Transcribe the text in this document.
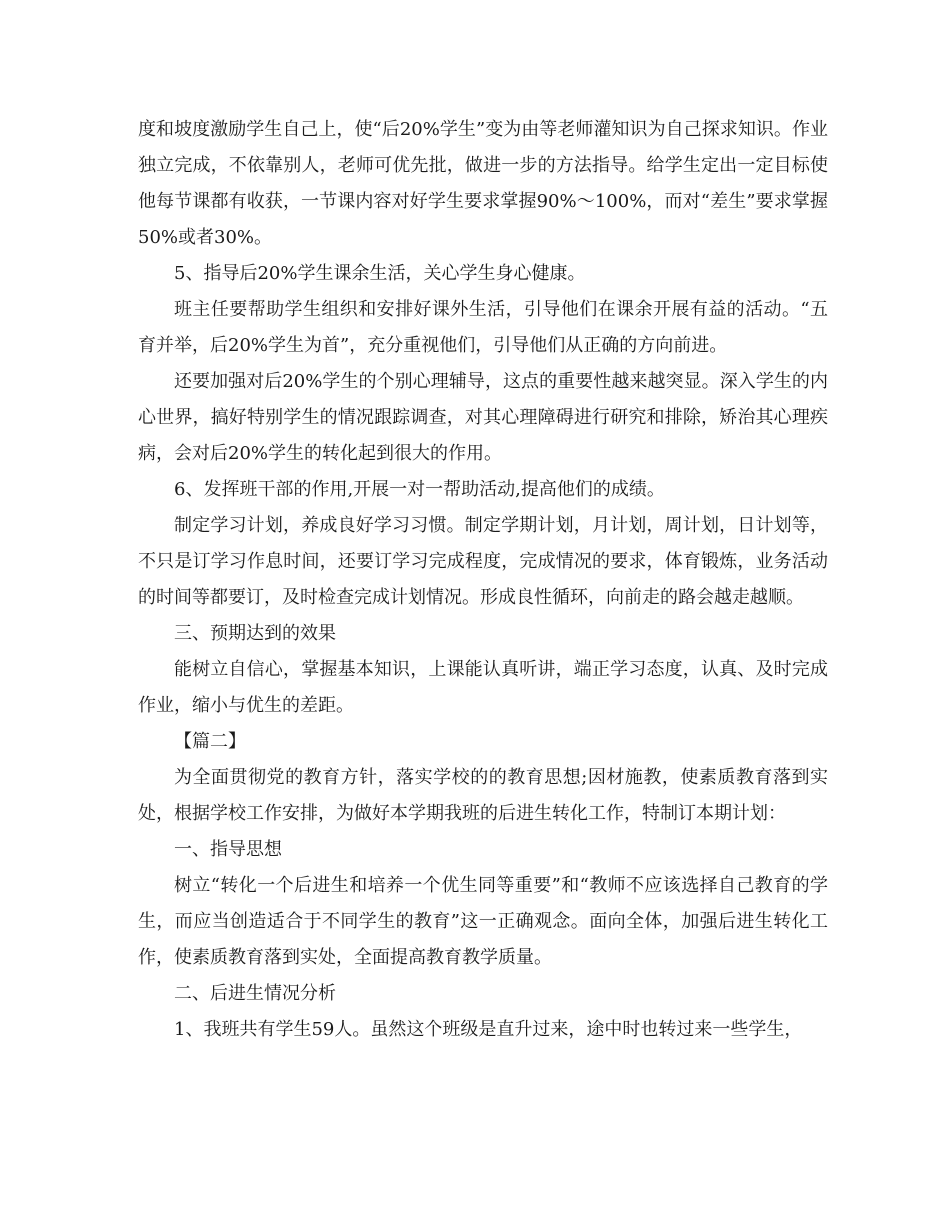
度和坡度激励学生自己上，使“后20%学生”变为由等老师灌知识为自己探求知识。作业独立完成，不依靠别人，老师可优先批，做进一步的方法指导。给学生定出一定目标使他每节课都有收获，一节课内容对好学生要求掌握90%～100%，而对“差生”要求掌握50%或者30%。

5、指导后20%学生课余生活，关心学生身心健康。

班主任要帮助学生组织和安排好课外生活，引导他们在课余开展有益的活动。“五育并举，后20%学生为首”，充分重视他们，引导他们从正确的方向前进。

还要加强对后20%学生的个别心理辅导，这点的重要性越来越突显。深入学生的内心世界，搞好特别学生的情况跟踪调查，对其心理障碍进行研究和排除，矫治其心理疾病，会对后20%学生的转化起到很大的作用。

6、发挥班干部的作用,开展一对一帮助活动,提高他们的成绩。

制定学习计划，养成良好学习习惯。制定学期计划，月计划，周计划，日计划等，不只是订学习作息时间，还要订学习完成程度，完成情况的要求，体育锻炼，业务活动的时间等都要订，及时检查完成计划情况。形成良性循环，向前走的路会越走越顺。

三、预期达到的效果

能树立自信心，掌握基本知识，上课能认真听讲，端正学习态度，认真、及时完成作业，缩小与优生的差距。

【篇二】

为全面贯彻党的教育方针，落实学校的的教育思想;因材施教，使素质教育落到实处，根据学校工作安排，为做好本学期我班的后进生转化工作，特制订本期计划：

一、指导思想

树立“转化一个后进生和培养一个优生同等重要”和“教师不应该选择自己教育的学生，而应当创造适合于不同学生的教育”这一正确观念。面向全体，加强后进生转化工作，使素质教育落到实处，全面提高教育教学质量。

二、后进生情况分析

1、我班共有学生59人。虽然这个班级是直升过来，途中时也转过来一些学生，
